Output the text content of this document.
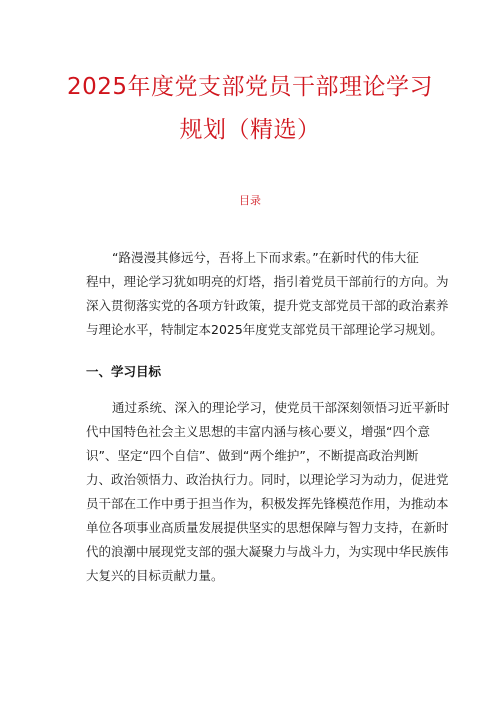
2025年度党支部党员干部理论学习
规划（精选）
目录
“路漫漫其修远兮，吾将上下而求索。”在新时代的伟大征
程中，理论学习犹如明亮的灯塔，指引着党员干部前行的方向。为
深入贯彻落实党的各项方针政策，提升党支部党员干部的政治素养
与理论水平，特制定本2025年度党支部党员干部理论学习规划。
一、学习目标
通过系统、深入的理论学习，使党员干部深刻领悟习近平新时
代中国特色社会主义思想的丰富内涵与核心要义，增强“四个意
识”、坚定“四个自信”、做到“两个维护”，不断提高政治判断
力、政治领悟力、政治执行力。同时，以理论学习为动力，促进党
员干部在工作中勇于担当作为，积极发挥先锋模范作用，为推动本
单位各项事业高质量发展提供坚实的思想保障与智力支持，在新时
代的浪潮中展现党支部的强大凝聚力与战斗力，为实现中华民族伟
大复兴的目标贡献力量。
